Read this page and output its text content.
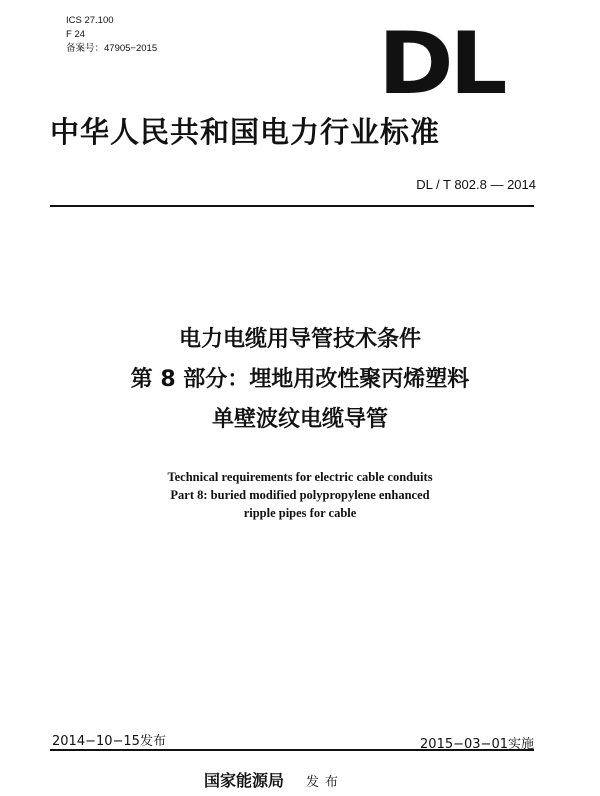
ICS 27.100
F 24
备案号：47905−2015	DL
中华人民共和国电力行业标准
DL / T 802.8 — 2014
电力电缆用导管技术条件
第 8 部分：埋地用改性聚丙烯塑料
单壁波纹电缆导管
Technical requirements for electric cable conduits
Part 8: buried modified polypropylene enhanced
ripple pipes for cable
2014−10−15发布	2015−03−01实施
国家能源局 发布
